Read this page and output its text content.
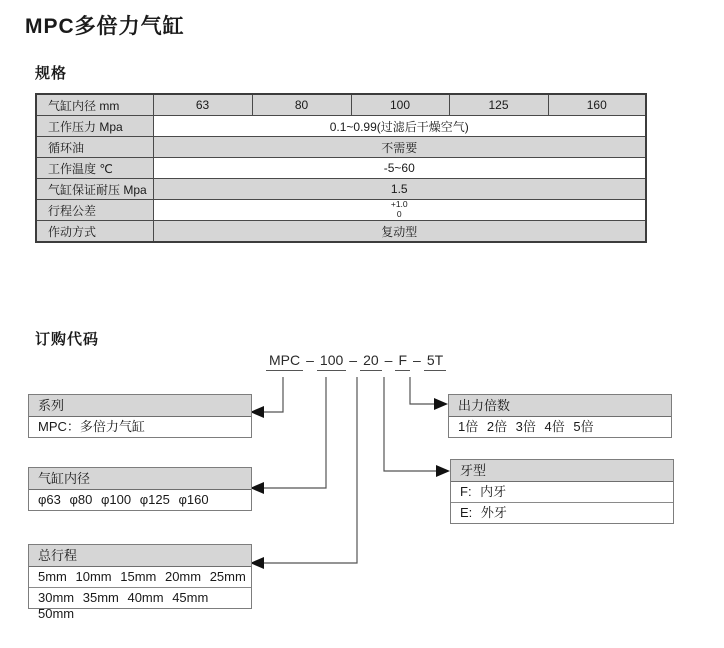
MPC多倍力气缸
规格
气缸内径 mm	63	80	100	125	160
工作压力 Mpa	0.1~0.99(过滤后干燥空气)				
循环油	不需要				
工作温度 ℃	-5~60				
气缸保证耐压 Mpa	1.5				
行程公差	+1.0
0				

作动方式	复动型				
订购代码
MPC – 100 – 20 – F – 5T
系列
MPC：多倍力气缸
出力倍数
1倍 2倍 3倍 4倍 5倍
气缸内径
φ63 φ80 φ100 φ125 φ160
牙型
F: 内牙
E: 外牙
总行程
5mm 10mm 15mm 20mm 25mm
30mm 35mm 40mm 45mm 50mm
